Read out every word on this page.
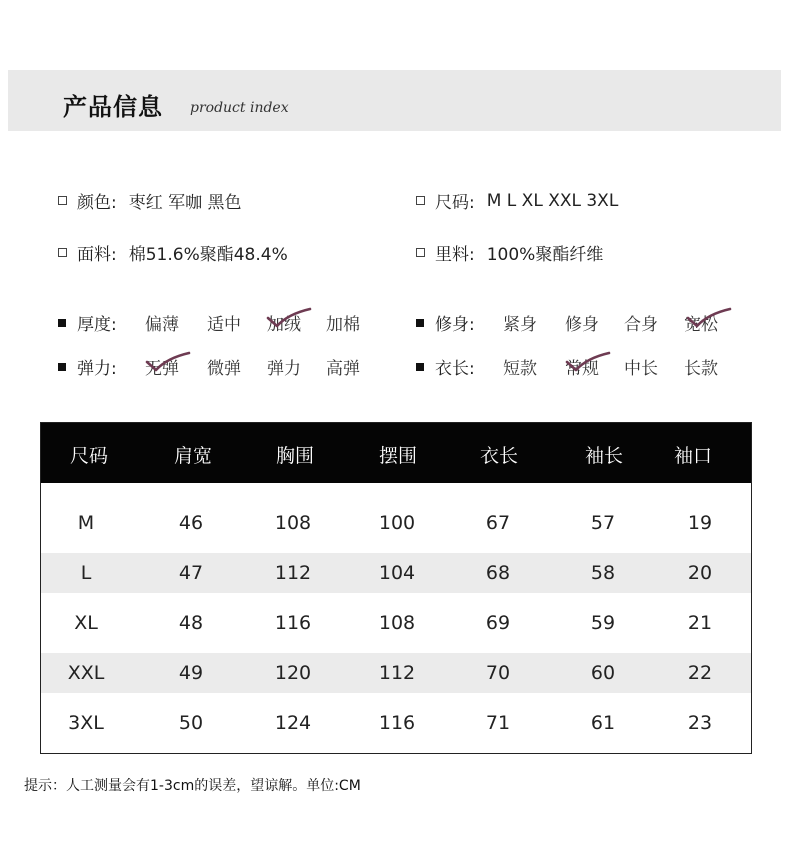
产品信息 product index
颜色: 枣红 军咖 黑色	尺码: M L XL XXL 3XL
面料: 棉51.6%聚酯48.4%	里料: 100%聚酯纤维
厚度: 偏薄 适中 加绒 加棉	修身: 紧身 修身 合身 宽松
弹力: 无弹 微弹 弹力 高弹	衣长: 短款 常规 中长 长款
尺码	肩宽	胸围	摆围	衣长	袖长	袖口
M	46	108	100	67	57	19
L	47	112	104	68	58	20
XL	48	116	108	69	59	21
XXL	49	120	112	70	60	22
3XL	50	124	116	71	61	23
提示：人工测量会有1-3cm的误差，望谅解。单位:CM
